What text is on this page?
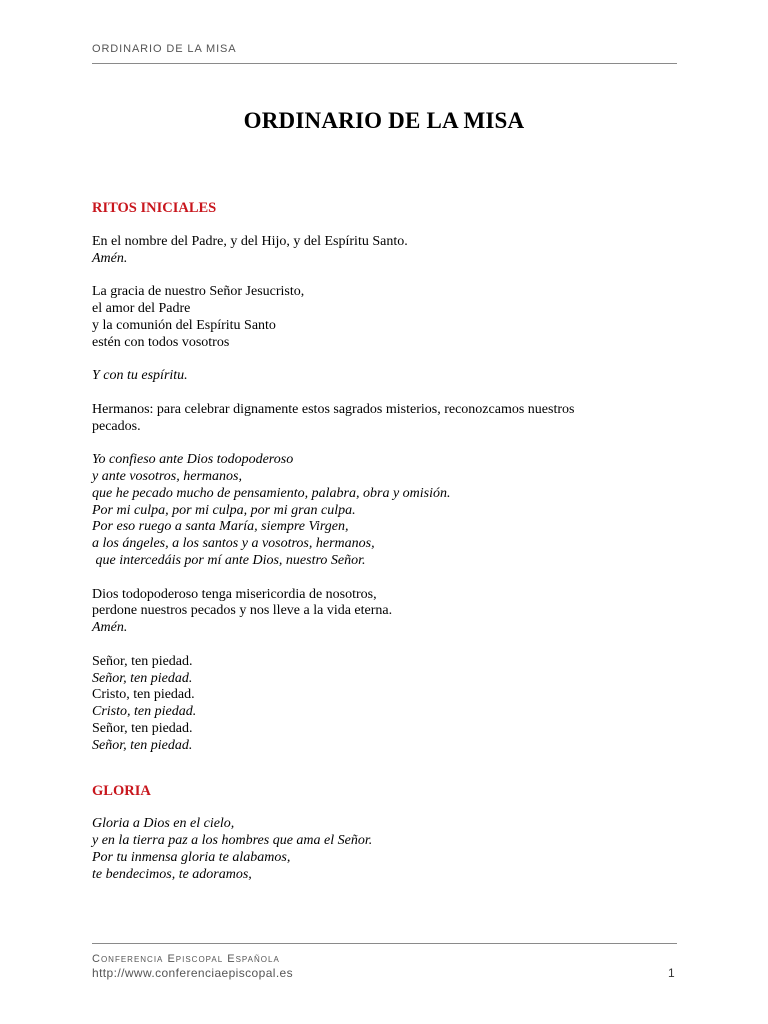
ORDINARIO DE LA MISA
ORDINARIO DE LA MISA
RITOS INICIALES
En el nombre del Padre, y del Hijo, y del Espíritu Santo.
Amén.
La gracia de nuestro Señor Jesucristo,
el amor del Padre
y la comunión del Espíritu Santo
estén con todos vosotros
Y con tu espíritu.
Hermanos: para celebrar dignamente estos sagrados misterios, reconozcamos nuestros
pecados.
Yo confieso ante Dios todopoderoso
y ante vosotros, hermanos,
que he pecado mucho de pensamiento, palabra, obra y omisión.
Por mi culpa, por mi culpa, por mi gran culpa.
Por eso ruego a santa María, siempre Virgen,
a los ángeles, a los santos y a vosotros, hermanos,
que intercedáis por mí ante Dios, nuestro Señor.
Dios todopoderoso tenga misericordia de nosotros,
perdone nuestros pecados y nos lleve a la vida eterna.
Amén.
Señor, ten piedad.
Señor, ten piedad.
Cristo, ten piedad.
Cristo, ten piedad.
Señor, ten piedad.
Señor, ten piedad.
GLORIA
Gloria a Dios en el cielo,
y en la tierra paz a los hombres que ama el Señor.
Por tu inmensa gloria te alabamos,
te bendecimos, te adoramos,
Conferencia Episcopal Española
http://www.conferenciaepiscopal.es	1
